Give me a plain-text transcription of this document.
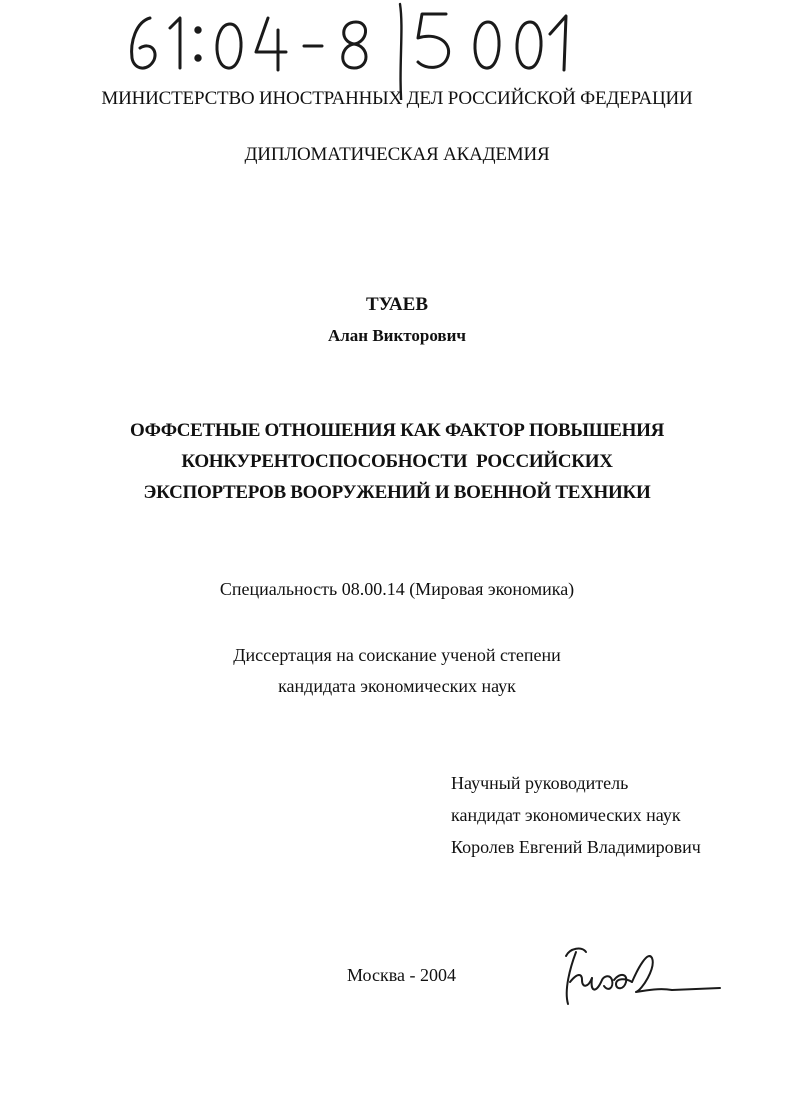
МИНИСТЕРСТВО ИНОСТРАННЫХ ДЕЛ РОССИЙСКОЙ ФЕДЕРАЦИИ
ДИПЛОМАТИЧЕСКАЯ АКАДЕМИЯ
ТУАЕВ
Алан Викторович
ОФФСЕТНЫЕ ОТНОШЕНИЯ КАК ФАКТОР ПОВЫШЕНИЯ
КОНКУРЕНТОСПОСОБНОСТИ  РОССИЙСКИХ
ЭКСПОРТЕРОВ ВООРУЖЕНИЙ И ВОЕННОЙ ТЕХНИКИ
Специальность 08.00.14 (Мировая экономика)
Диссертация на соискание ученой степени
кандидата экономических наук
Научный руководитель
кандидат экономических наук
Королев Евгений Владимирович
Москва - 2004
